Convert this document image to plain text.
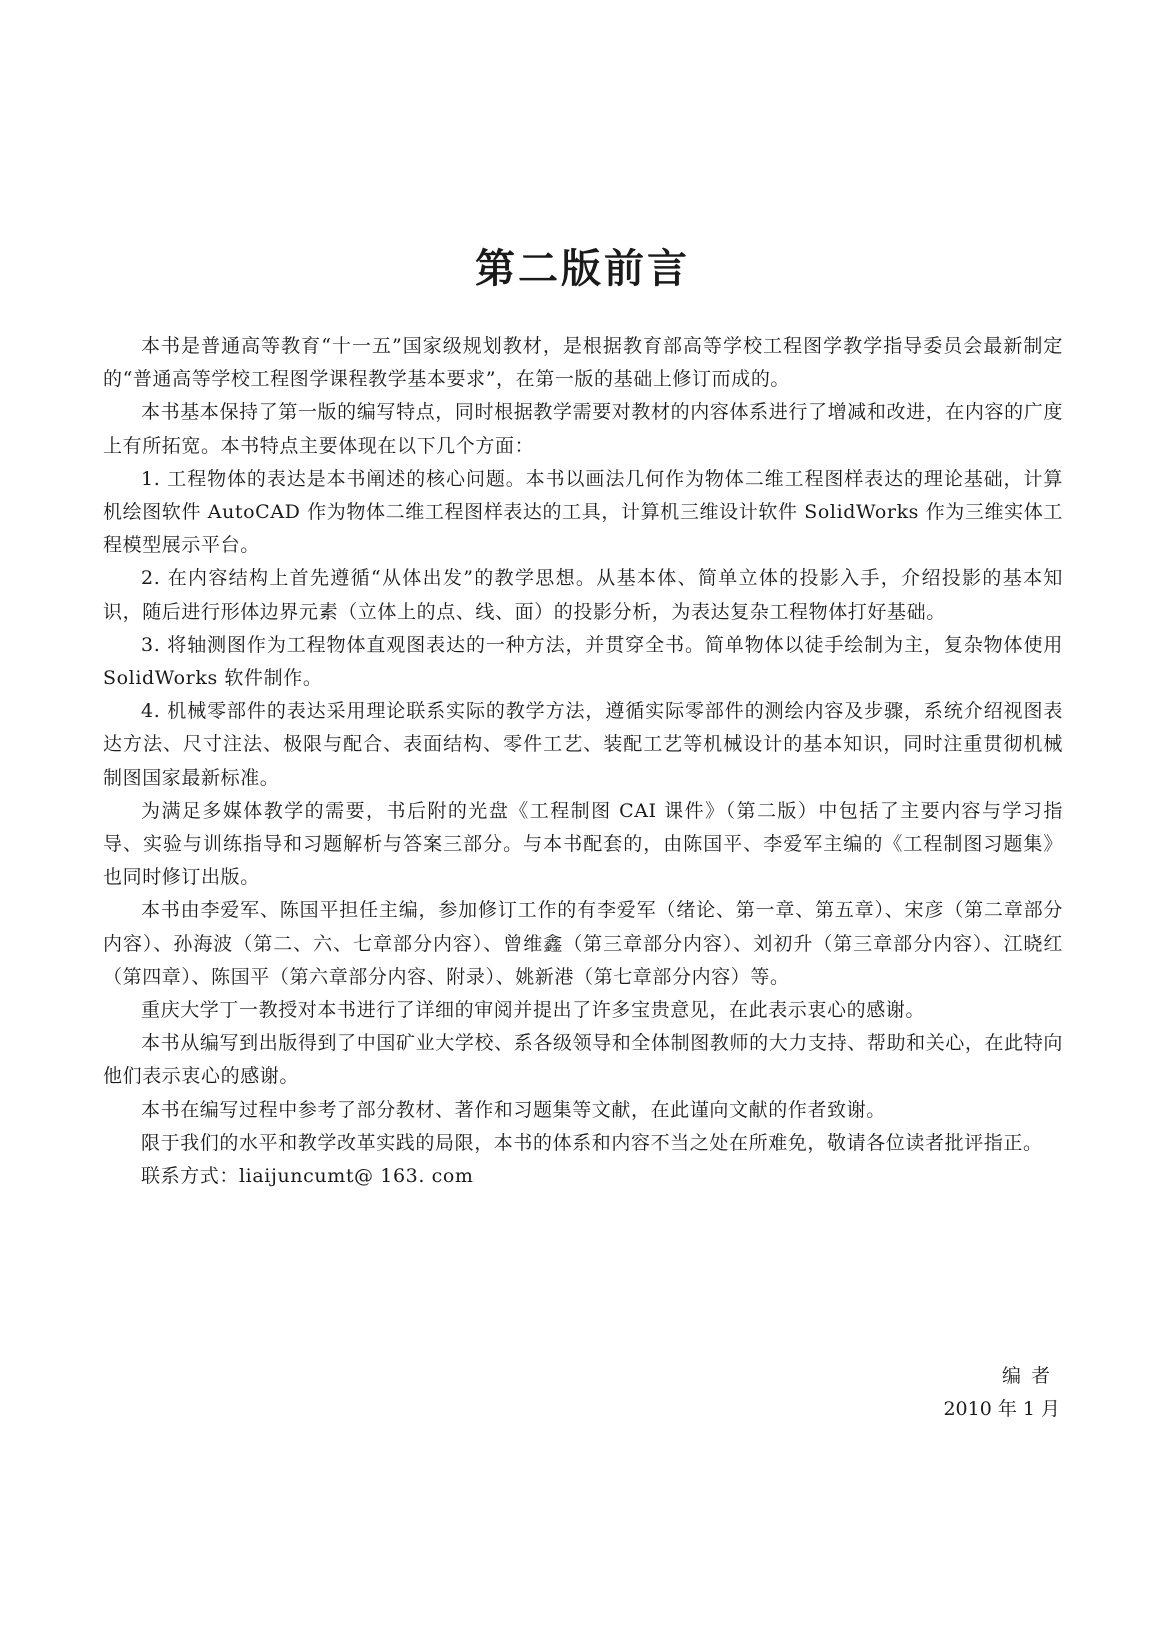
第二版前言

本书是普通高等教育“十一五”国家级规划教材，是根据教育部高等学校工程图学教学指导委员会最新制定的“普通高等学校工程图学课程教学基本要求”，在第一版的基础上修订而成的。

本书基本保持了第一版的编写特点，同时根据教学需要对教材的内容体系进行了增减和改进，在内容的广度上有所拓宽。本书特点主要体现在以下几个方面：

1. 工程物体的表达是本书阐述的核心问题。本书以画法几何作为物体二维工程图样表达的理论基础，计算机绘图软件 AutoCAD 作为物体二维工程图样表达的工具，计算机三维设计软件 SolidWorks 作为三维实体工程模型展示平台。

2. 在内容结构上首先遵循“从体出发”的教学思想。从基本体、简单立体的投影入手，介绍投影的基本知识，随后进行形体边界元素（立体上的点、线、面）的投影分析，为表达复杂工程物体打好基础。

3. 将轴测图作为工程物体直观图表达的一种方法，并贯穿全书。简单物体以徒手绘制为主，复杂物体使用 SolidWorks 软件制作。

4. 机械零部件的表达采用理论联系实际的教学方法，遵循实际零部件的测绘内容及步骤，系统介绍视图表达方法、尺寸注法、极限与配合、表面结构、零件工艺、装配工艺等机械设计的基本知识，同时注重贯彻机械制图国家最新标准。

为满足多媒体教学的需要，书后附的光盘《工程制图 CAI 课件》（第二版）中包括了主要内容与学习指导、实验与训练指导和习题解析与答案三部分。与本书配套的，由陈国平、李爱军主编的《工程制图习题集》也同时修订出版。

本书由李爱军、陈国平担任主编，参加修订工作的有李爱军（绪论、第一章、第五章）、宋彦（第二章部分内容）、孙海波（第二、六、七章部分内容）、曾维鑫（第三章部分内容）、刘初升（第三章部分内容）、江晓红（第四章）、陈国平（第六章部分内容、附录）、姚新港（第七章部分内容）等。

重庆大学丁一教授对本书进行了详细的审阅并提出了许多宝贵意见，在此表示衷心的感谢。

本书从编写到出版得到了中国矿业大学校、系各级领导和全体制图教师的大力支持、帮助和关心，在此特向他们表示衷心的感谢。

本书在编写过程中参考了部分教材、著作和习题集等文献，在此谨向文献的作者致谢。

限于我们的水平和教学改革实践的局限，本书的体系和内容不当之处在所难免，敬请各位读者批评指正。

联系方式：liaijuncumt@ 163. com

编者
2010 年 1 月
